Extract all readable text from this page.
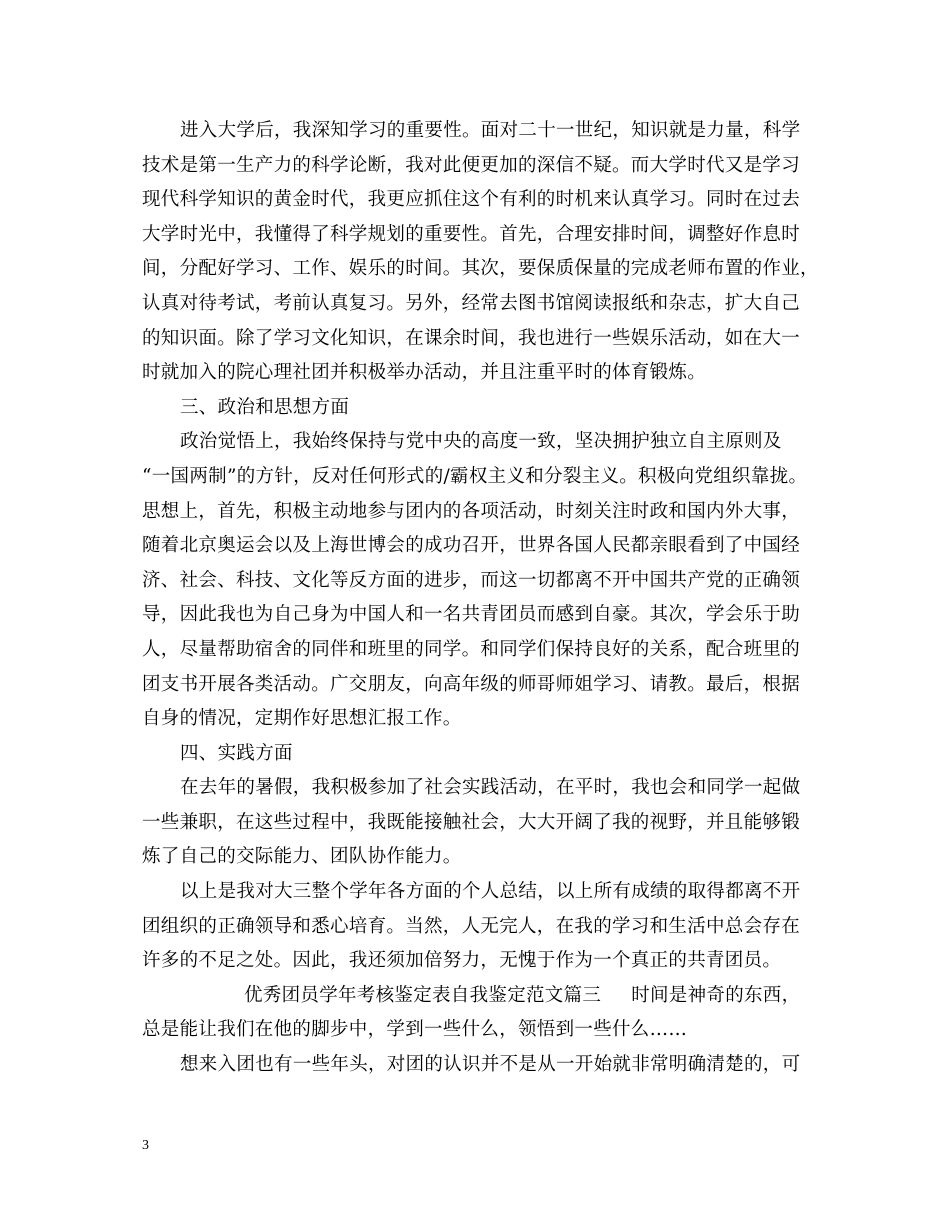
进入大学后，我深知学习的重要性。面对二十一世纪，知识就是力量，科学
技术是第一生产力的科学论断，我对此便更加的深信不疑。而大学时代又是学习
现代科学知识的黄金时代，我更应抓住这个有利的时机来认真学习。同时在过去
大学时光中，我懂得了科学规划的重要性。首先，合理安排时间，调整好作息时
间，分配好学习、工作、娱乐的时间。其次，要保质保量的完成老师布置的作业，
认真对待考试，考前认真复习。另外，经常去图书馆阅读报纸和杂志，扩大自己
的知识面。除了学习文化知识，在课余时间，我也进行一些娱乐活动，如在大一
时就加入的院心理社团并积极举办活动，并且注重平时的体育锻炼。
三、政治和思想方面
政治觉悟上，我始终保持与党中央的高度一致，坚决拥护独立自主原则及
“一国两制”的方针，反对任何形式的/霸权主义和分裂主义。积极向党组织靠拢。
思想上，首先，积极主动地参与团内的各项活动，时刻关注时政和国内外大事，
随着北京奥运会以及上海世博会的成功召开，世界各国人民都亲眼看到了中国经
济、社会、科技、文化等反方面的进步，而这一切都离不开中国共产党的正确领
导，因此我也为自己身为中国人和一名共青团员而感到自豪。其次，学会乐于助
人，尽量帮助宿舍的同伴和班里的同学。和同学们保持良好的关系，配合班里的
团支书开展各类活动。广交朋友，向高年级的师哥师姐学习、请教。最后，根据
自身的情况，定期作好思想汇报工作。
四、实践方面
在去年的暑假，我积极参加了社会实践活动，在平时，我也会和同学一起做
一些兼职，在这些过程中，我既能接触社会，大大开阔了我的视野，并且能够锻
炼了自己的交际能力、团队协作能力。
以上是我对大三整个学年各方面的个人总结，以上所有成绩的取得都离不开
团组织的正确领导和悉心培育。当然，人无完人，在我的学习和生活中总会存在
许多的不足之处。因此，我还须加倍努力，无愧于作为一个真正的共青团员。
优秀团员学年考核鉴定表自我鉴定范文篇三 时间是神奇的东西，
总是能让我们在他的脚步中，学到一些什么，领悟到一些什么……
想来入团也有一些年头，对团的认识并不是从一开始就非常明确清楚的，可
3
